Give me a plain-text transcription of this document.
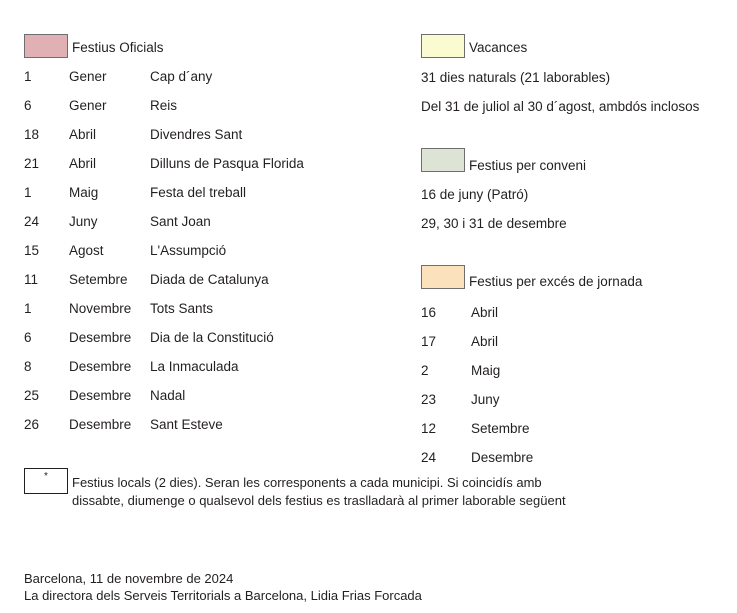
Festius Oficials	Vacances
Festius per conveni
Festius per excés de jornada
1	Gener	Cap d´any
6	Gener	Reis
18	Abril	Divendres Sant
21	Abril	Dilluns de Pasqua Florida
1	Maig	Festa del treball
24	Juny	Sant Joan
15	Agost	L'Assumpció
11	Setembre	Diada de Catalunya
1	Novembre	Tots Sants
6	Desembre	Dia de la Constitució
8	Desembre	La Inmaculada
25	Desembre	Nadal
26	Desembre	Sant Esteve
31 dies naturals (21 laborables)
Del 31 de juliol al 30 d´agost, ambdós inclosos
16 de juny (Patró)
29, 30 i 31 de desembre
16	Abril
17	Abril
2	Maig
23	Juny
12	Setembre
24	Desembre
*	Festius locals (2 dies). Seran les corresponents a cada municipi. Si coincidís amb dissabte, diumenge o qualsevol dels festius es traslladarà al primer laborable següent
Barcelona, 11 de novembre de 2024
La directora dels Serveis Territorials a Barcelona, Lidia Frias Forcada
